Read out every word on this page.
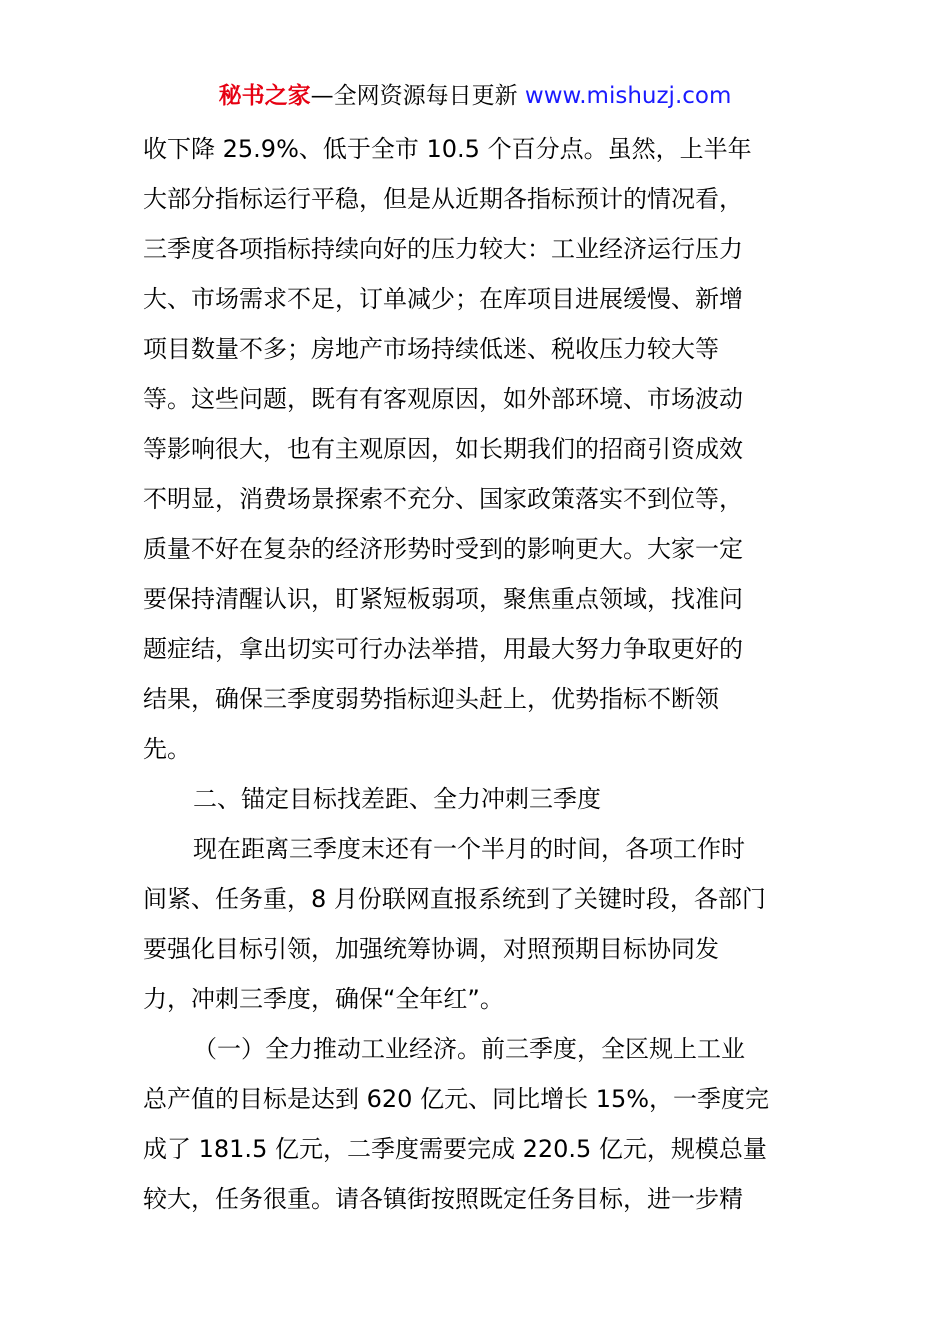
秘书之家—全网资源每日更新 www.mishuzj.com
收下降 25.9%、低于全市 10.5 个百分点。虽然，上半年
大部分指标运行平稳，但是从近期各指标预计的情况看，
三季度各项指标持续向好的压力较大：工业经济运行压力
大、市场需求不足，订单减少；在库项目进展缓慢、新增
项目数量不多；房地产市场持续低迷、税收压力较大等
等。这些问题，既有有客观原因，如外部环境、市场波动
等影响很大，也有主观原因，如长期我们的招商引资成效
不明显，消费场景探索不充分、国家政策落实不到位等，
质量不好在复杂的经济形势时受到的影响更大。大家一定
要保持清醒认识，盯紧短板弱项，聚焦重点领域，找准问
题症结，拿出切实可行办法举措，用最大努力争取更好的
结果，确保三季度弱势指标迎头赶上，优势指标不断领
先。
二、锚定目标找差距、全力冲刺三季度
现在距离三季度末还有一个半月的时间，各项工作时
间紧、任务重，8 月份联网直报系统到了关键时段，各部门
要强化目标引领，加强统筹协调，对照预期目标协同发
力，冲刺三季度，确保“全年红”。
（一）全力推动工业经济。前三季度，全区规上工业
总产值的目标是达到 620 亿元、同比增长 15%，一季度完
成了 181.5 亿元，二季度需要完成 220.5 亿元，规模总量
较大，任务很重。请各镇街按照既定任务目标，进一步精
